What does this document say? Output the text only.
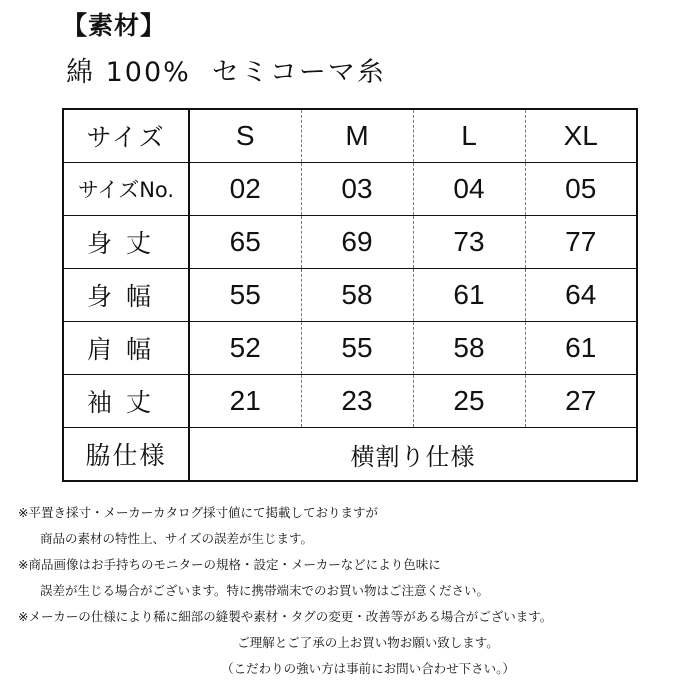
【素材】
綿 100%  セミコーマ糸
サイズ	S	M	L	XL
サイズNo.	02	03	04	05
身丈	65	69	73	77
身幅	55	58	61	64
肩幅	52	55	58	61
袖丈	21	23	25	27
脇仕様	横割り仕様			

※平置き採寸・メーカーカタログ採寸値にて掲載しておりますが

商品の素材の特性上、サイズの誤差が生じます。

※商品画像はお手持ちのモニターの規格・設定・メーカーなどにより色味に

誤差が生じる場合がございます。特に携帯端末でのお買い物はご注意ください。

※メーカーの仕様により稀に細部の縫製や素材・タグの変更・改善等がある場合がございます。

ご理解とご了承の上お買い物お願い致します。

（こだわりの強い方は事前にお問い合わせ下さい。）
